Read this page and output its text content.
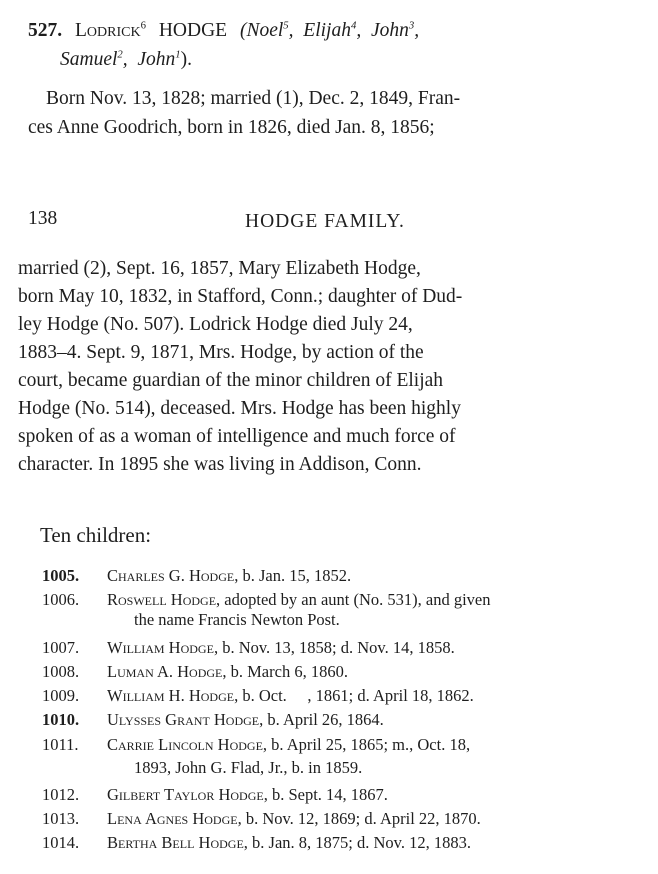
527. Lodrick$^6$ HODGE (Noel$^5$,  Elijah$^4$,  John$^3$,
Samuel$^2$,  John$^1$).
Born Nov. 13, 1828; married (1), Dec. 2, 1849, Fran-
ces Anne Goodrich, born in 1826, died Jan. 8, 1856;
138	HODGE FAMILY.
married (2), Sept. 16, 1857, Mary Elizabeth Hodge,
born May 10, 1832, in Stafford, Conn.; daughter of Dud-
ley Hodge (No. 507). Lodrick Hodge died July 24,
1883–4. Sept. 9, 1871, Mrs. Hodge, by action of the
court, became guardian of the minor children of Elijah
Hodge (No. 514), deceased. Mrs. Hodge has been highly
spoken of as a woman of intelligence and much force of
character. In 1895 she was living in Addison, Conn.
Ten children:
1005. Charles G. Hodge, b. Jan. 15, 1852.
1006. Roswell Hodge, adopted by an aunt (No. 531), and given
the name Francis Newton Post.
1007. William Hodge, b. Nov. 13, 1858; d. Nov. 14, 1858.
1008. Luman A. Hodge, b. March 6, 1860.
1009. William H. Hodge, b. Oct.     , 1861; d. April 18, 1862.
1010. Ulysses Grant Hodge, b. April 26, 1864.
1011. Carrie Lincoln Hodge, b. April 25, 1865; m., Oct. 18,
1893, John G. Flad, Jr., b. in 1859.
1012. Gilbert Taylor Hodge, b. Sept. 14, 1867.
1013. Lena Agnes Hodge, b. Nov. 12, 1869; d. April 22, 1870.
1014. Bertha Bell Hodge, b. Jan. 8, 1875; d. Nov. 12, 1883.
